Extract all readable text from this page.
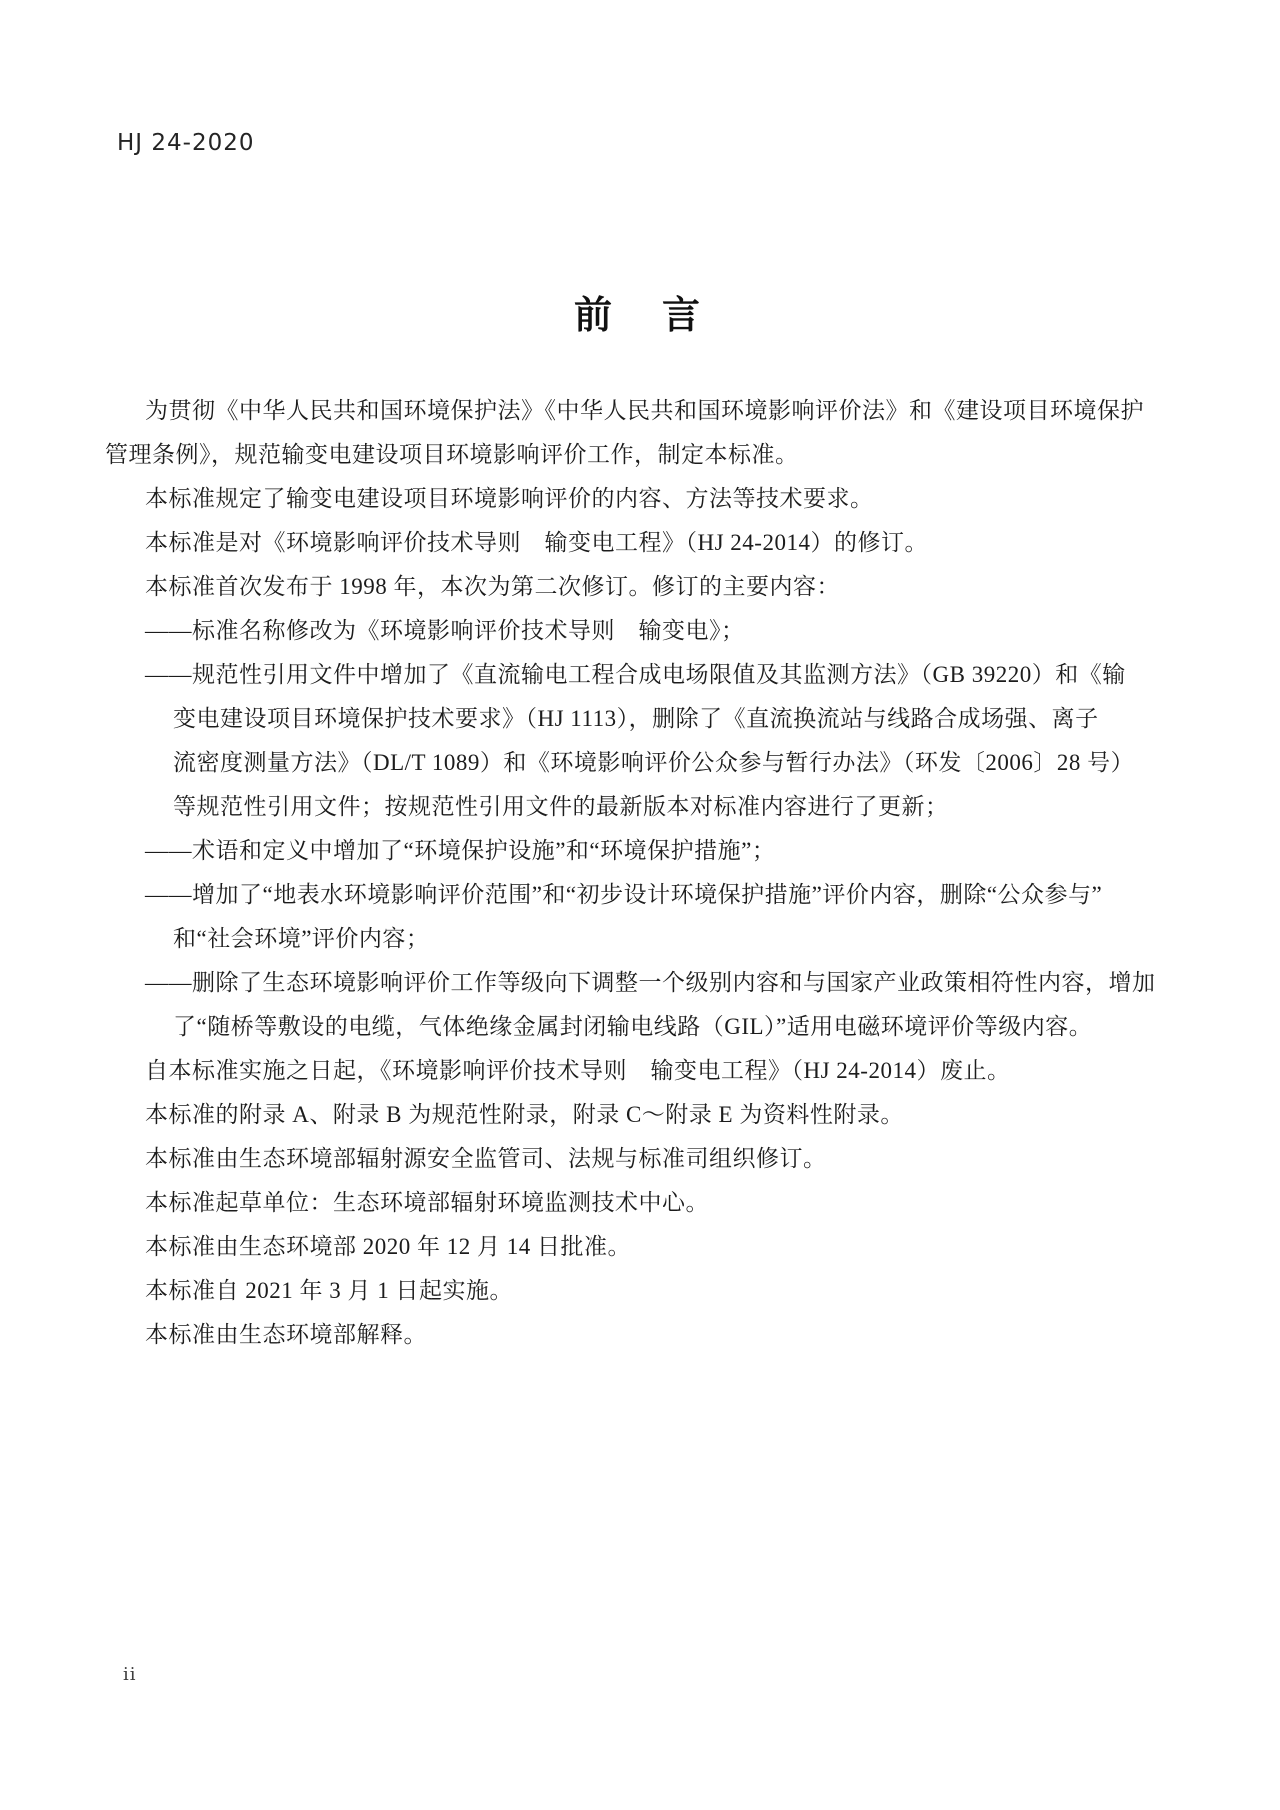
HJ 24-2020
前　言
为贯彻《中华人民共和国环境保护法》《中华人民共和国环境影响评价法》和《建设项目环境保护
管理条例》，规范输变电建设项目环境影响评价工作，制定本标准。
本标准规定了输变电建设项目环境影响评价的内容、方法等技术要求。
本标准是对《环境影响评价技术导则　输变电工程》（HJ 24-2014）的修订。
本标准首次发布于 1998 年，本次为第二次修订。修订的主要内容：
——标准名称修改为《环境影响评价技术导则　输变电》；
——规范性引用文件中增加了《直流输电工程合成电场限值及其监测方法》（GB 39220）和《输
变电建设项目环境保护技术要求》（HJ 1113），删除了《直流换流站与线路合成场强、离子
流密度测量方法》（DL/T 1089）和《环境影响评价公众参与暂行办法》（环发〔2006〕28 号）
等规范性引用文件；按规范性引用文件的最新版本对标准内容进行了更新；
——术语和定义中增加了“环境保护设施”和“环境保护措施”；
——增加了“地表水环境影响评价范围”和“初步设计环境保护措施”评价内容，删除“公众参与”
和“社会环境”评价内容；
——删除了生态环境影响评价工作等级向下调整一个级别内容和与国家产业政策相符性内容，增加
了“随桥等敷设的电缆，气体绝缘金属封闭输电线路（GIL）”适用电磁环境评价等级内容。
自本标准实施之日起，《环境影响评价技术导则　输变电工程》（HJ 24-2014）废止。
本标准的附录 A、附录 B 为规范性附录，附录 C～附录 E 为资料性附录。
本标准由生态环境部辐射源安全监管司、法规与标准司组织修订。
本标准起草单位：生态环境部辐射环境监测技术中心。
本标准由生态环境部 2020 年 12 月 14 日批准。
本标准自 2021 年 3 月 1 日起实施。
本标准由生态环境部解释。
ii
